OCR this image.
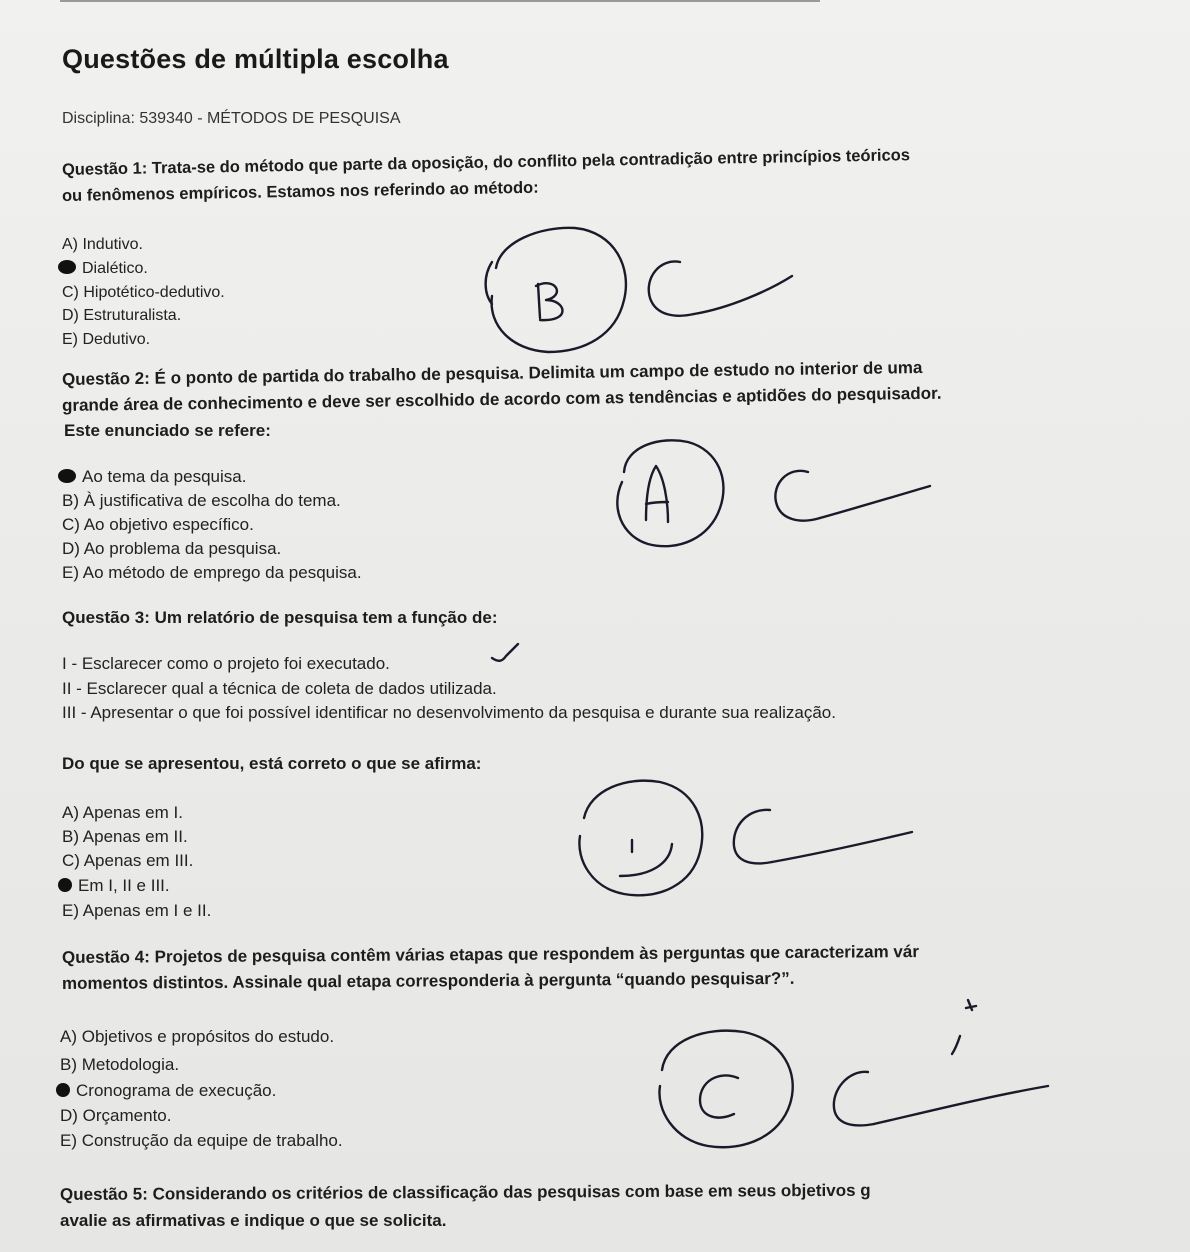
Questões de múltipla escolha
Disciplina: 539340 - MÉTODOS DE PESQUISA
Questão 1: Trata-se do método que parte da oposição, do conflito pela contradição entre princípios teóricos
ou fenômenos empíricos. Estamos nos referindo ao método:
A) Indutivo.
Dialético.
C) Hipotético-dedutivo.
D) Estruturalista.
E) Dedutivo.
Questão 2: É o ponto de partida do trabalho de pesquisa. Delimita um campo de estudo no interior de uma
grande área de conhecimento e deve ser escolhido de acordo com as tendências e aptidões do pesquisador.
Este enunciado se refere:
Ao tema da pesquisa.
B) À justificativa de escolha do tema.
C) Ao objetivo específico.
D) Ao problema da pesquisa.
E) Ao método de emprego da pesquisa.
Questão 3: Um relatório de pesquisa tem a função de:
I - Esclarecer como o projeto foi executado.
II - Esclarecer qual a técnica de coleta de dados utilizada.
III - Apresentar o que foi possível identificar no desenvolvimento da pesquisa e durante sua realização.
Do que se apresentou, está correto o que se afirma:
A) Apenas em I.
B) Apenas em II.
C) Apenas em III.
Em I, II e III.
E) Apenas em I e II.
Questão 4: Projetos de pesquisa contêm várias etapas que respondem às perguntas que caracterizam vár
momentos distintos. Assinale qual etapa corresponderia à pergunta “quando pesquisar?”.
A) Objetivos e propósitos do estudo.
B) Metodologia.
Cronograma de execução.
D) Orçamento.
E) Construção da equipe de trabalho.
Questão 5: Considerando os critérios de classificação das pesquisas com base em seus objetivos g
avalie as afirmativas e indique o que se solicita.
